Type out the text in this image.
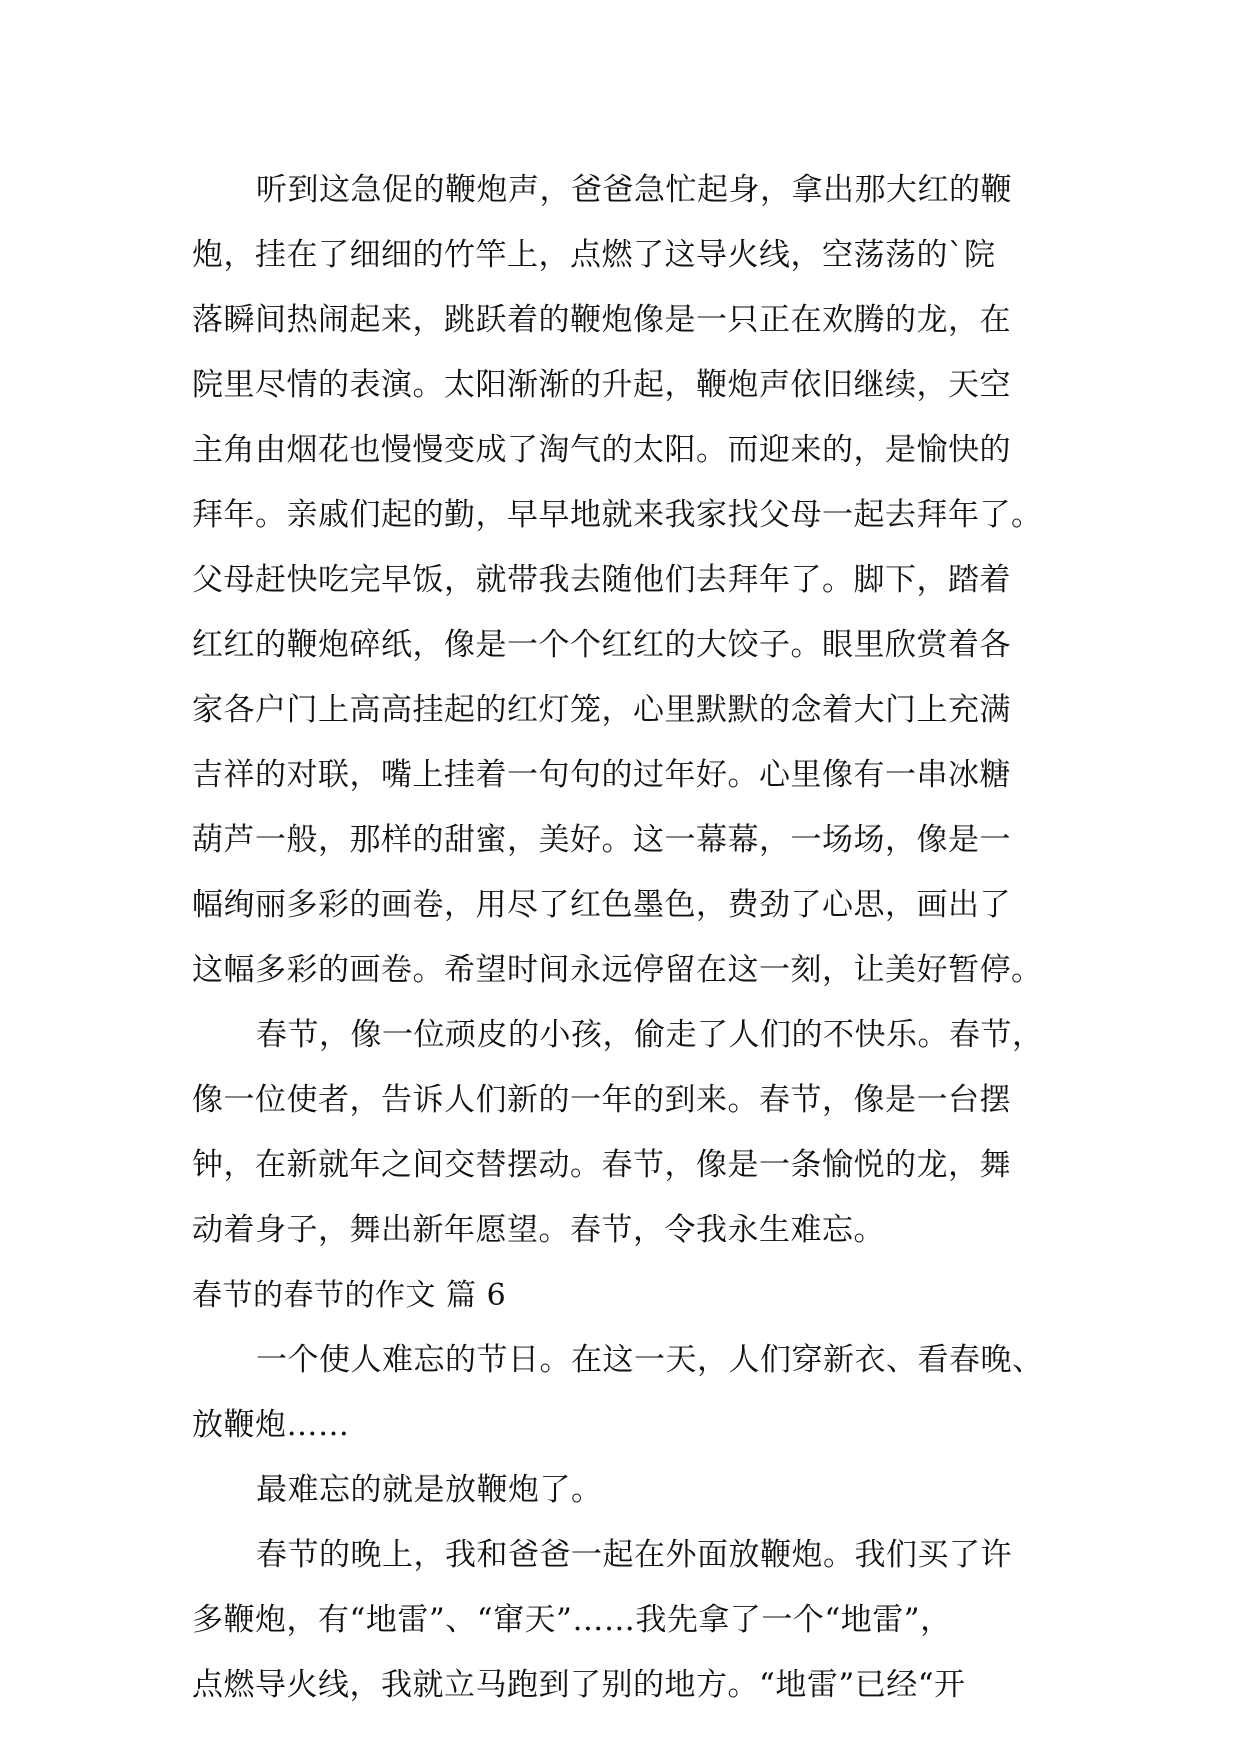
听到这急促的鞭炮声，爸爸急忙起身，拿出那大红的鞭
炮，挂在了细细的竹竿上，点燃了这导火线，空荡荡的`院
落瞬间热闹起来，跳跃着的鞭炮像是一只正在欢腾的龙，在
院里尽情的表演。太阳渐渐的升起，鞭炮声依旧继续，天空
主角由烟花也慢慢变成了淘气的太阳。而迎来的，是愉快的
拜年。亲戚们起的勤，早早地就来我家找父母一起去拜年了。
父母赶快吃完早饭，就带我去随他们去拜年了。脚下，踏着
红红的鞭炮碎纸，像是一个个红红的大饺子。眼里欣赏着各
家各户门上高高挂起的红灯笼，心里默默的念着大门上充满
吉祥的对联，嘴上挂着一句句的过年好。心里像有一串冰糖
葫芦一般，那样的甜蜜，美好。这一幕幕，一场场，像是一
幅绚丽多彩的画卷，用尽了红色墨色，费劲了心思，画出了
这幅多彩的画卷。希望时间永远停留在这一刻，让美好暂停。
春节，像一位顽皮的小孩，偷走了人们的不快乐。春节，
像一位使者，告诉人们新的一年的到来。春节，像是一台摆
钟，在新就年之间交替摆动。春节，像是一条愉悦的龙，舞
动着身子，舞出新年愿望。春节，令我永生难忘。
春节的春节的作文 篇 6
一个使人难忘的节日。在这一天，人们穿新衣、看春晚、
放鞭炮……
最难忘的就是放鞭炮了。
春节的晚上，我和爸爸一起在外面放鞭炮。我们买了许
多鞭炮，有“地雷”、“窜天”……我先拿了一个“地雷”，
点燃导火线，我就立马跑到了别的地方。“地雷”已经“开
